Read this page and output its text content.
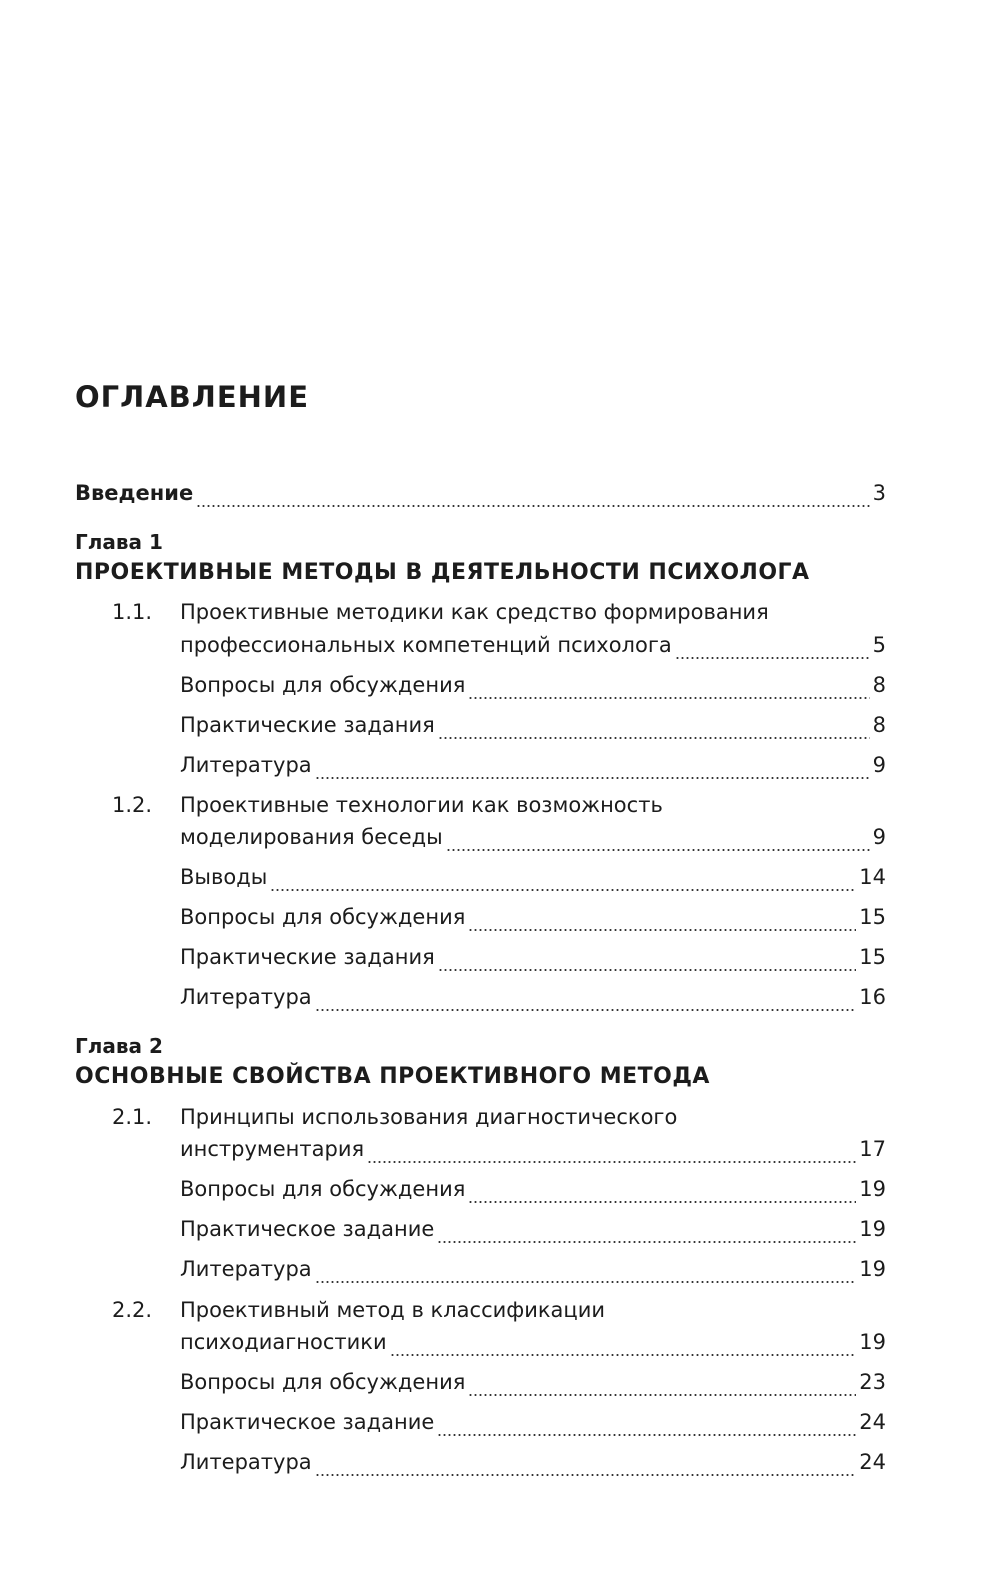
ОГЛАВЛЕНИЕ
Введение	3
Глава 1
ПРОЕКТИВНЫЕ МЕТОДЫ В ДЕЯТЕЛЬНОСТИ ПСИХОЛОГА
1.1. Проективные методики как средство формирования
профессиональных компетенций психолога	5
Вопросы для обсуждения	8
Практические задания	8
Литература	9
1.2. Проективные технологии как возможность
моделирования беседы	9
Выводы	14
Вопросы для обсуждения	15
Практические задания	15
Литература	16
Глава 2
ОСНОВНЫЕ СВОЙСТВА ПРОЕКТИВНОГО МЕТОДА
2.1. Принципы использования диагностического
инструментария	17
Вопросы для обсуждения	19
Практическое задание	19
Литература	19
2.2. Проективный метод в классификации
психодиагностики	19
Вопросы для обсуждения	23
Практическое задание	24
Литература	24
